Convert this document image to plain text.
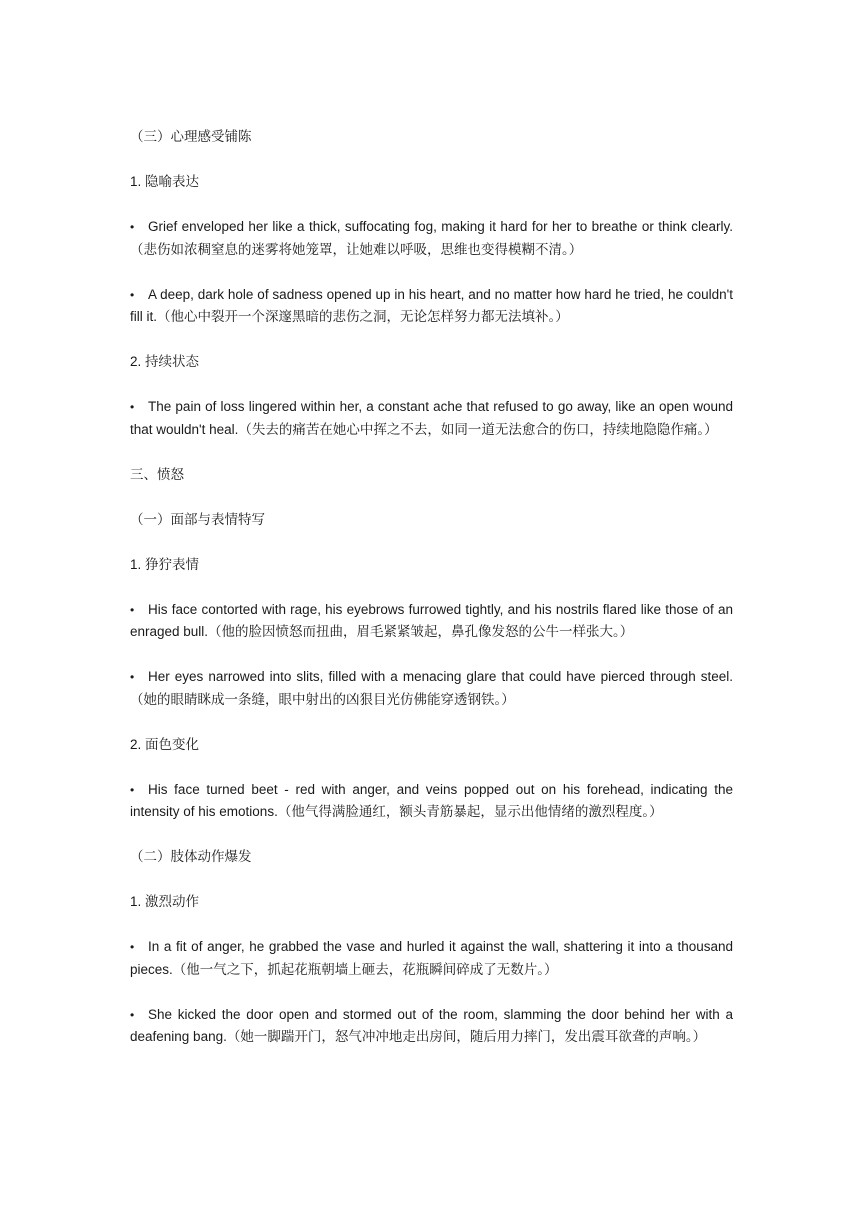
（三）心理感受铺陈

1. 隐喻表达

• Grief enveloped her like a thick, suffocating fog, making it hard for her to breathe or think clearly.（悲伤如浓稠窒息的迷雾将她笼罩，让她难以呼吸，思维也变得模糊不清。）

• A deep, dark hole of sadness opened up in his heart, and no matter how hard he tried, he couldn't fill it.（他心中裂开一个深邃黑暗的悲伤之洞，无论怎样努力都无法填补。）

2. 持续状态

• The pain of loss lingered within her, a constant ache that refused to go away, like an open wound that wouldn't heal.（失去的痛苦在她心中挥之不去，如同一道无法愈合的伤口，持续地隐隐作痛。）

三、愤怒

（一）面部与表情特写

1. 狰狞表情

• His face contorted with rage, his eyebrows furrowed tightly, and his nostrils flared like those of an enraged bull.（他的脸因愤怒而扭曲，眉毛紧紧皱起，鼻孔像发怒的公牛一样张大。）

• Her eyes narrowed into slits, filled with a menacing glare that could have pierced through steel.（她的眼睛眯成一条缝，眼中射出的凶狠目光仿佛能穿透钢铁。）

2. 面色变化

• His face turned beet - red with anger, and veins popped out on his forehead, indicating the intensity of his emotions.（他气得满脸通红，额头青筋暴起，显示出他情绪的激烈程度。）

（二）肢体动作爆发

1. 激烈动作

• In a fit of anger, he grabbed the vase and hurled it against the wall, shattering it into a thousand pieces.（他一气之下，抓起花瓶朝墙上砸去，花瓶瞬间碎成了无数片。）

• She kicked the door open and stormed out of the room, slamming the door behind her with a deafening bang.（她一脚踹开门，怒气冲冲地走出房间，随后用力摔门，发出震耳欲聋的声响。）
